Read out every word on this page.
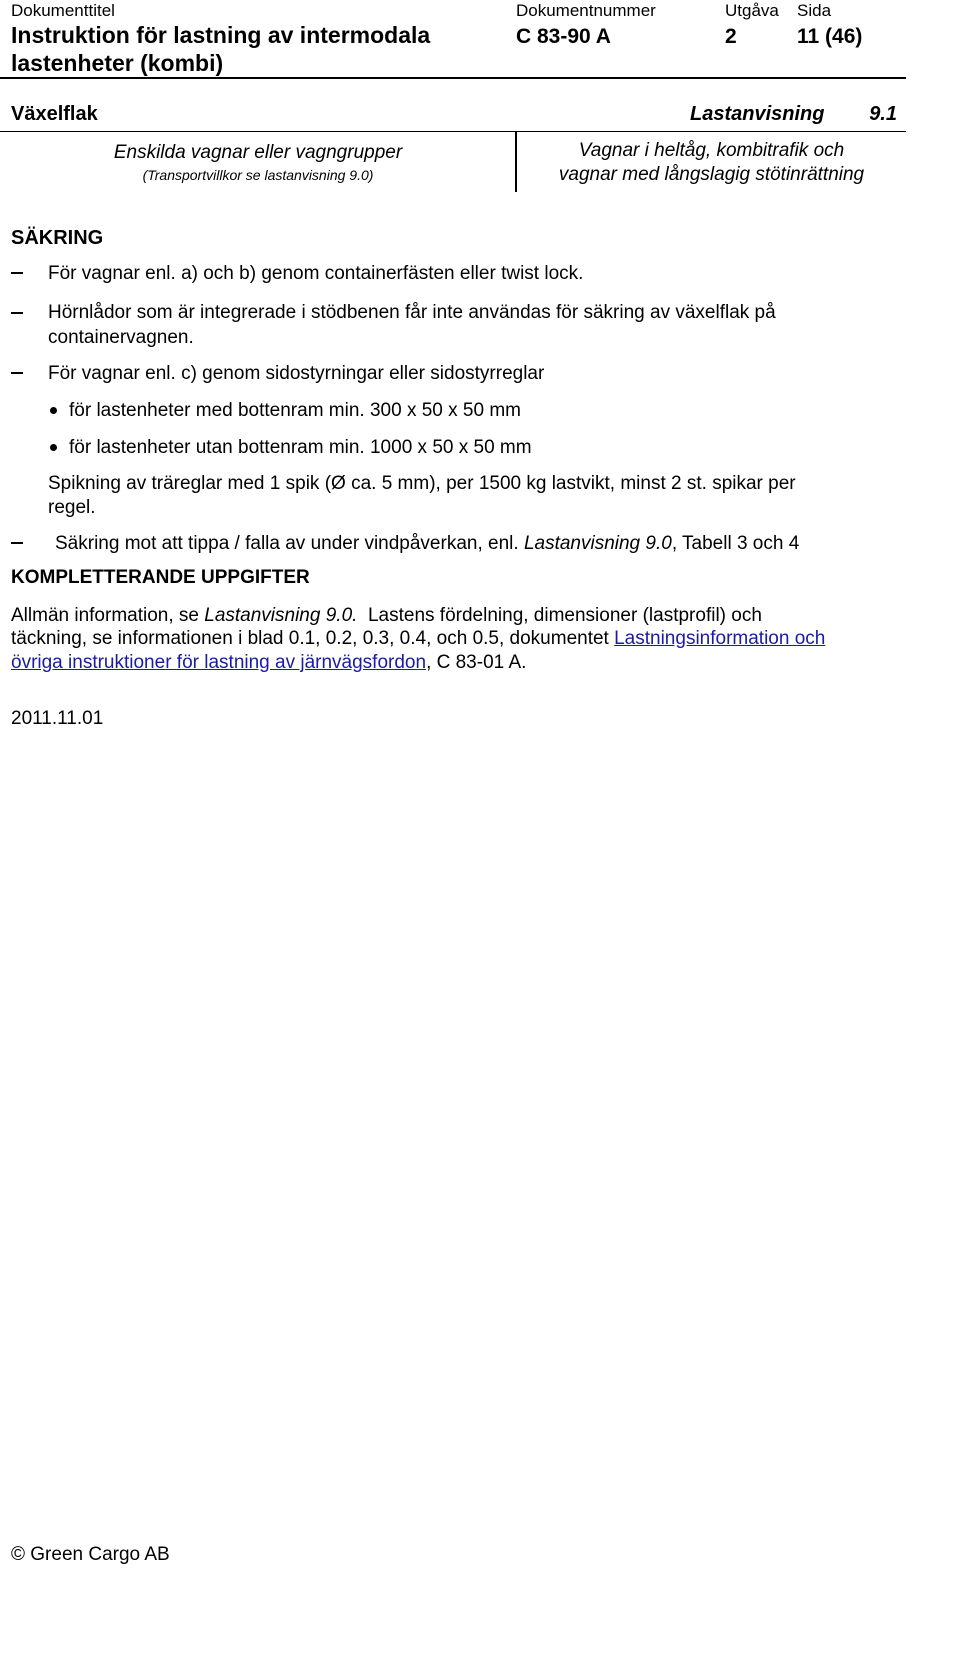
Dokumenttitel
Instruktion för lastning av intermodala
lastenheter (kombi)
Dokumentnummer
C 83-90 A
Utgåva
2
Sida
11 (46)
Växelflak	Lastanvisning	9.1
Enskilda vagnar eller vagngrupper
(Transportvillkor se lastanvisning 9.0)
Vagnar i heltåg, kombitrafik och
vagnar med långslagig stötinrättning
SÄKRING
För vagnar enl. a) och b) genom containerfästen eller twist lock.
Hörnlådor som är integrerade i stödbenen får inte användas för säkring av växelflak på
containervagnen.
För vagnar enl. c) genom sidostyrningar eller sidostyrreglar
för lastenheter med bottenram min. 300 x 50 x 50 mm
för lastenheter utan bottenram min. 1000 x 50 x 50 mm
Spikning av träreglar med 1 spik (Ø ca. 5 mm), per 1500 kg lastvikt, minst 2 st. spikar per
regel.
Säkring mot att tippa / falla av under vindpåverkan, enl. Lastanvisning 9.0, Tabell 3 och 4
KOMPLETTERANDE UPPGIFTER
Allmän information, se Lastanvisning 9.0.  Lastens fördelning, dimensioner (lastprofil) och
täckning, se informationen i blad 0.1, 0.2, 0.3, 0.4, och 0.5, dokumentet Lastningsinformation och
övriga instruktioner för lastning av järnvägsfordon, C 83-01 A.
2011.11.01
© Green Cargo AB
